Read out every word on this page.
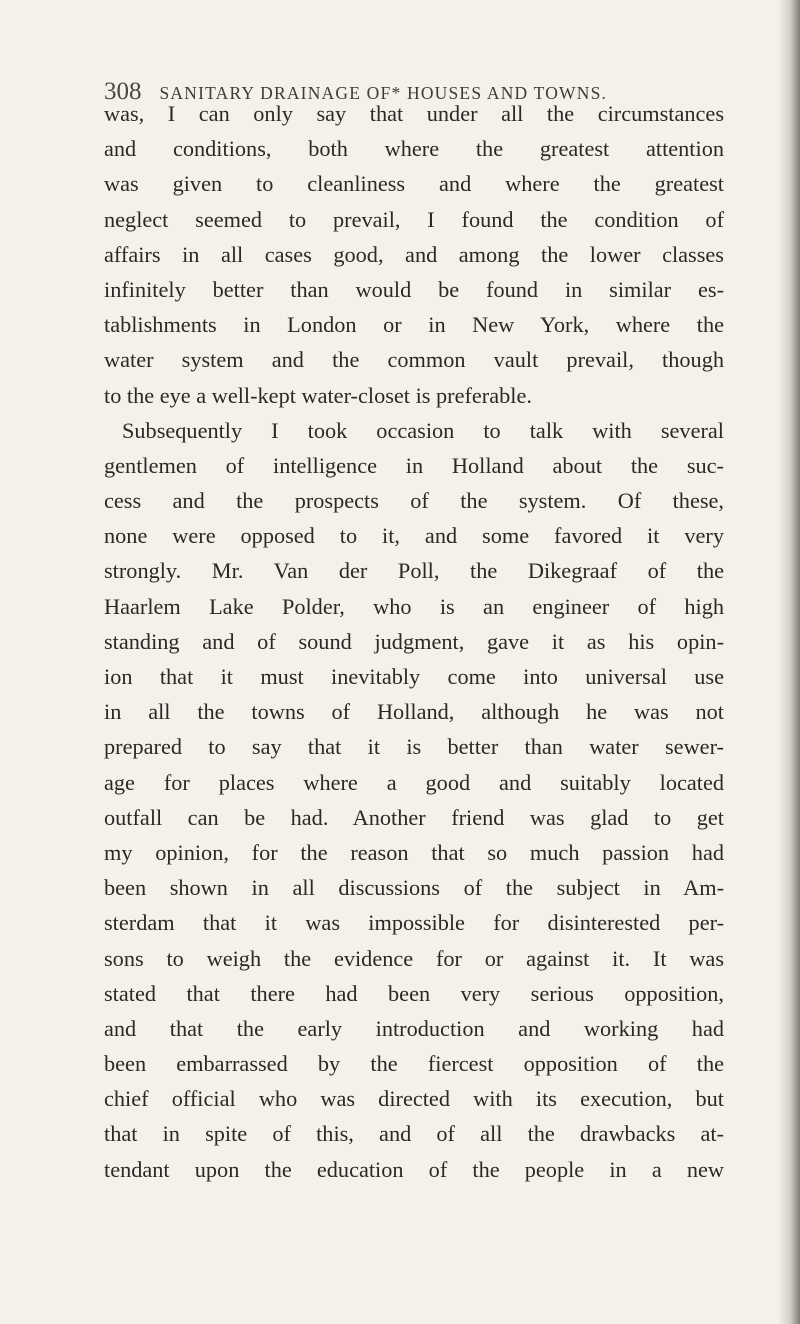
308 SANITARY DRAINAGE OF* HOUSES AND TOWNS.
was, I can only say that under all the circumstances
and conditions, both where the greatest attention
was given to cleanliness and where the greatest
neglect seemed to prevail, I found the condition of
affairs in all cases good, and among the lower classes
infinitely better than would be found in similar es-
tablishments in London or in New York, where the
water system and the common vault prevail, though
to the eye a well-kept water-closet is preferable.
Subsequently I took occasion to talk with several
gentlemen of intelligence in Holland about the suc-
cess and the prospects of the system. Of these,
none were opposed to it, and some favored it very
strongly. Mr. Van der Poll, the Dikegraaf of the
Haarlem Lake Polder, who is an engineer of high
standing and of sound judgment, gave it as his opin-
ion that it must inevitably come into universal use
in all the towns of Holland, although he was not
prepared to say that it is better than water sewer-
age for places where a good and suitably located
outfall can be had. Another friend was glad to get
my opinion, for the reason that so much passion had
been shown in all discussions of the subject in Am-
sterdam that it was impossible for disinterested per-
sons to weigh the evidence for or against it. It was
stated that there had been very serious opposition,
and that the early introduction and working had
been embarrassed by the fiercest opposition of the
chief official who was directed with its execution, but
that in spite of this, and of all the drawbacks at-
tendant upon the education of the people in a new
